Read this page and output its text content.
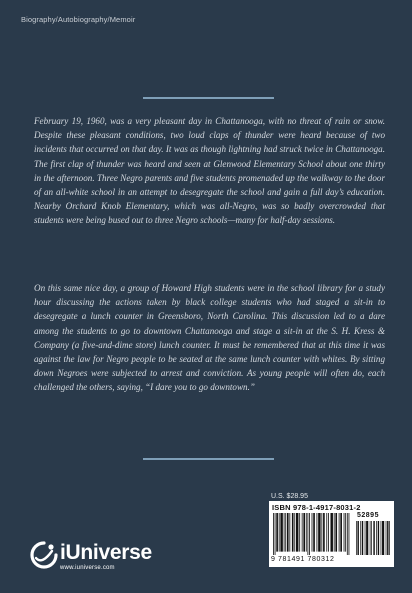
Biography/Autobiography/Memoir

February 19, 1960, was a very pleasant day in Chattanooga, with no threat of rain or snow. Despite these pleasant conditions, two loud claps of thunder were heard because of two incidents that occurred on that day. It was as though lightning had struck twice in Chattanooga. The first clap of thunder was heard and seen at Glenwood Elementary School about one thirty in the afternoon. Three Negro parents and five students promenaded up the walkway to the door of an all-white school in an attempt to desegregate the school and gain a full day’s education. Nearby Orchard Knob Elementary, which was all-Negro, was so badly overcrowded that students were being bused out to three Negro schools—many for half-day sessions.

On this same nice day, a group of Howard High students were in the school library for a study hour discussing the actions taken by black college students who had staged a sit-in to desegregate a lunch counter in Greensboro, North Carolina. This discussion led to a dare among the students to go to downtown Chattanooga and stage a sit-in at the S. H. Kress & Company (a five-and-dime store) lunch counter. It must be remembered that at this time it was against the law for Negro people to be seated at the same lunch counter with whites. By sitting down Negroes were subjected to arrest and conviction. As young people will often do, each challenged the others, saying, “I dare you to go downtown.”

U.S. $28.95
ISBN 978-1-4917-8031-2
52895
9 781491 780312
iUniverse
www.iuniverse.com
